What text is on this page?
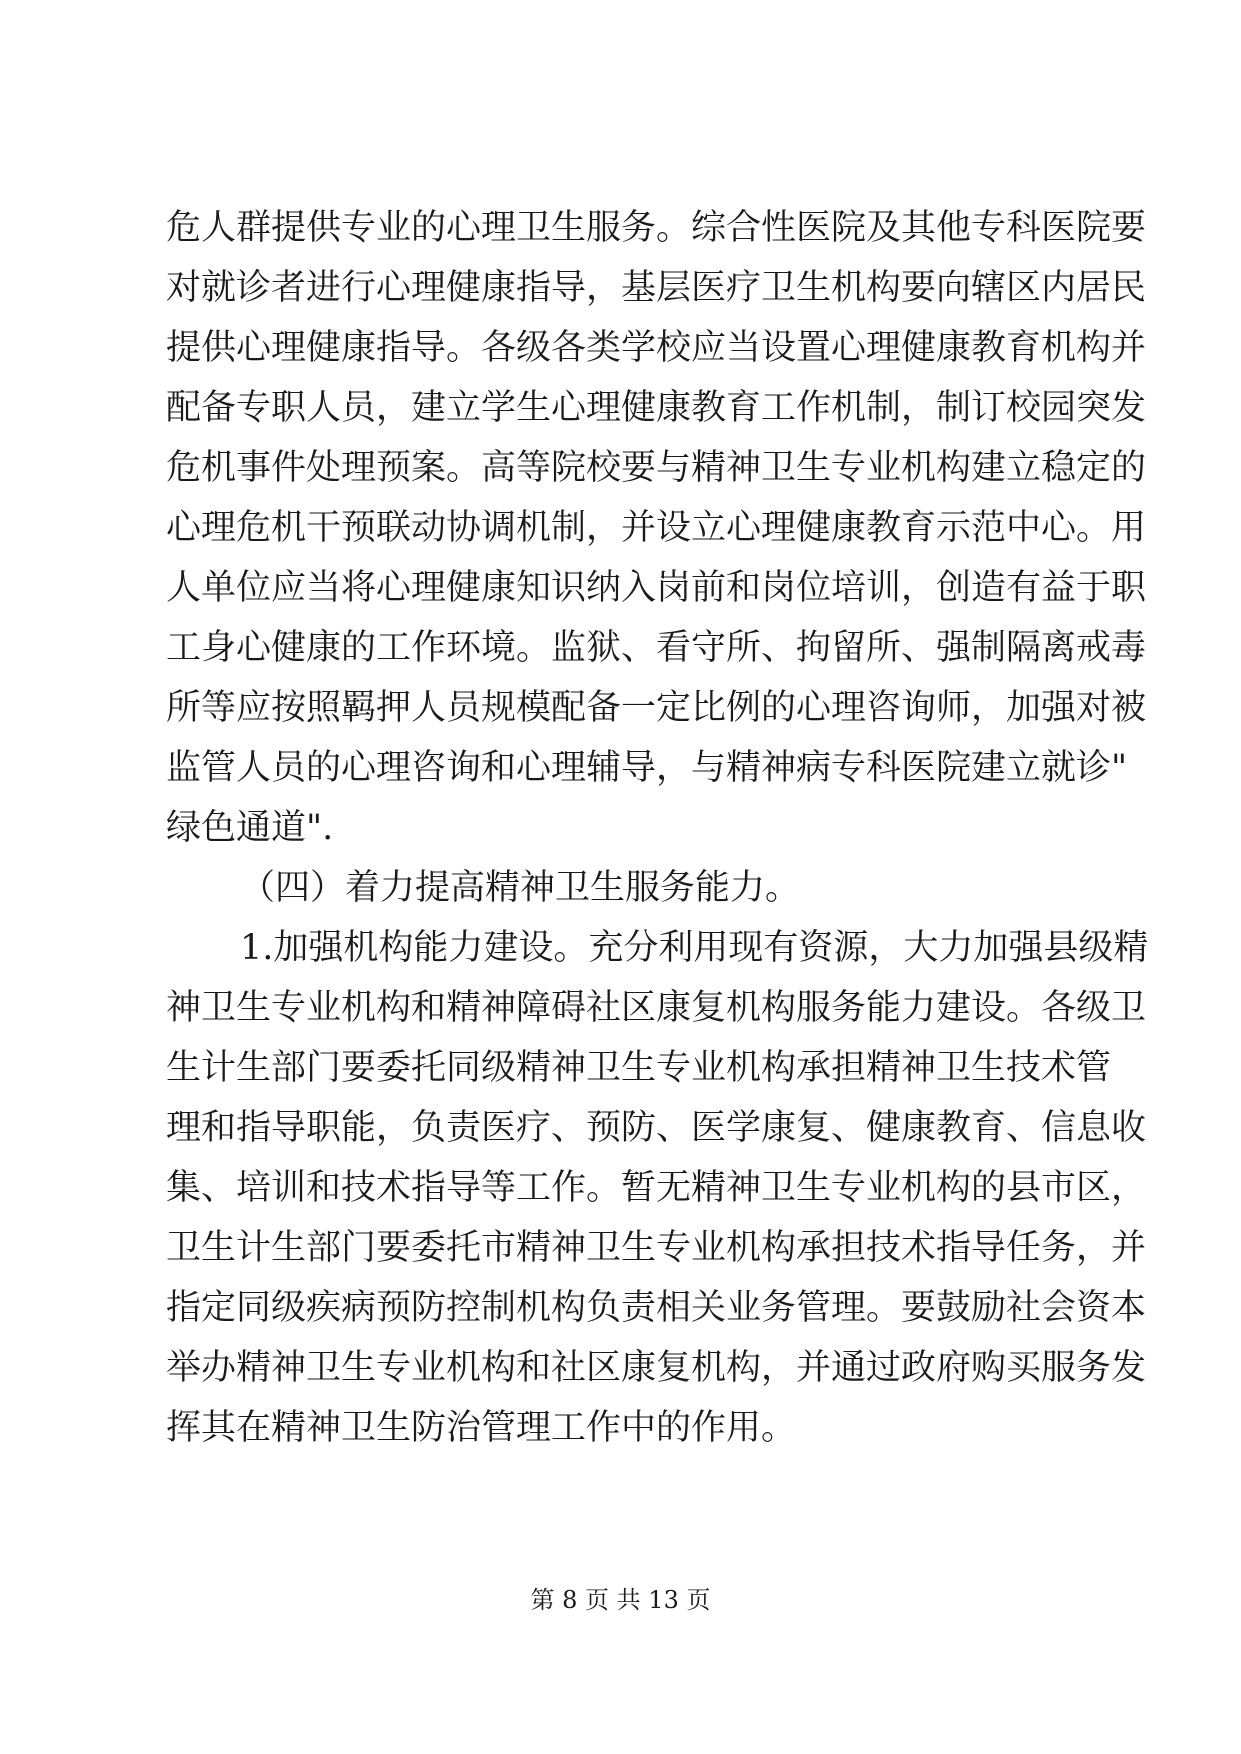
危人群提供专业的心理卫生服务。综合性医院及其他专科医院要
对就诊者进行心理健康指导，基层医疗卫生机构要向辖区内居民
提供心理健康指导。各级各类学校应当设置心理健康教育机构并
配备专职人员，建立学生心理健康教育工作机制，制订校园突发
危机事件处理预案。高等院校要与精神卫生专业机构建立稳定的
心理危机干预联动协调机制，并设立心理健康教育示范中心。用
人单位应当将心理健康知识纳入岗前和岗位培训，创造有益于职
工身心健康的工作环境。监狱、看守所、拘留所、强制隔离戒毒
所等应按照羁押人员规模配备一定比例的心理咨询师，加强对被
监管人员的心理咨询和心理辅导，与精神病专科医院建立就诊"
绿色通道".
（四）着力提高精神卫生服务能力。
1.加强机构能力建设。充分利用现有资源，大力加强县级精
神卫生专业机构和精神障碍社区康复机构服务能力建设。各级卫
生计生部门要委托同级精神卫生专业机构承担精神卫生技术管
理和指导职能，负责医疗、预防、医学康复、健康教育、信息收
集、培训和技术指导等工作。暂无精神卫生专业机构的县市区，
卫生计生部门要委托市精神卫生专业机构承担技术指导任务，并
指定同级疾病预防控制机构负责相关业务管理。要鼓励社会资本
举办精神卫生专业机构和社区康复机构，并通过政府购买服务发
挥其在精神卫生防治管理工作中的作用。
第 8 页 共 13 页
